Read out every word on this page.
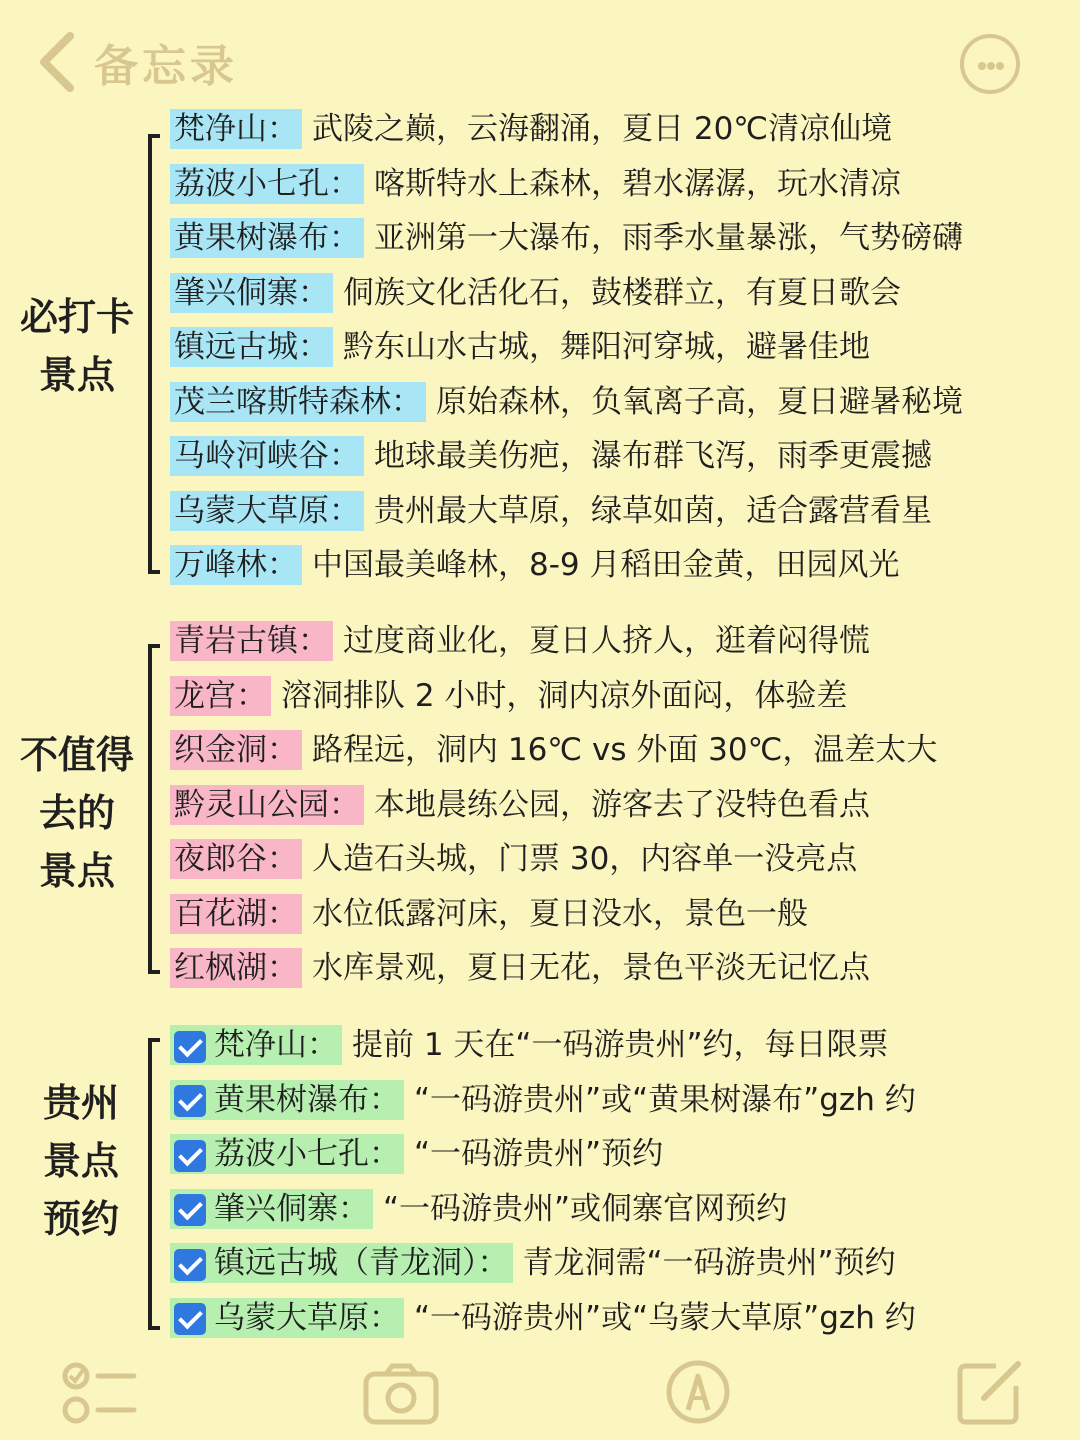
备忘录
必打卡
景点
梵净山： 武陵之巅，云海翻涌，夏日 20℃清凉仙境
荔波小七孔： 喀斯特水上森林，碧水潺潺，玩水清凉
黄果树瀑布： 亚洲第一大瀑布，雨季水量暴涨，气势磅礴
肇兴侗寨： 侗族文化活化石，鼓楼群立，有夏日歌会
镇远古城： 黔东山水古城，舞阳河穿城，避暑佳地
茂兰喀斯特森林： 原始森林，负氧离子高，夏日避暑秘境
马岭河峡谷： 地球最美伤疤，瀑布群飞泻，雨季更震撼
乌蒙大草原： 贵州最大草原，绿草如茵，适合露营看星
万峰林： 中国最美峰林，8-9 月稻田金黄，田园风光
不值得
去的
景点
青岩古镇： 过度商业化，夏日人挤人，逛着闷得慌
龙宫： 溶洞排队 2 小时，洞内凉外面闷，体验差
织金洞： 路程远，洞内 16℃ vs 外面 30℃，温差太大
黔灵山公园： 本地晨练公园，游客去了没特色看点
夜郎谷： 人造石头城，门票 30，内容单一没亮点
百花湖： 水位低露河床，夏日没水，景色一般
红枫湖： 水库景观，夏日无花，景色平淡无记忆点
贵州
景点
预约
梵净山： 提前 1 天在“一码游贵州”约，每日限票
黄果树瀑布： “一码游贵州”或“黄果树瀑布”gzh 约
荔波小七孔： “一码游贵州”预约
肇兴侗寨： “一码游贵州”或侗寨官网预约
镇远古城（青龙洞）： 青龙洞需“一码游贵州”预约
乌蒙大草原： “一码游贵州”或“乌蒙大草原”gzh 约
